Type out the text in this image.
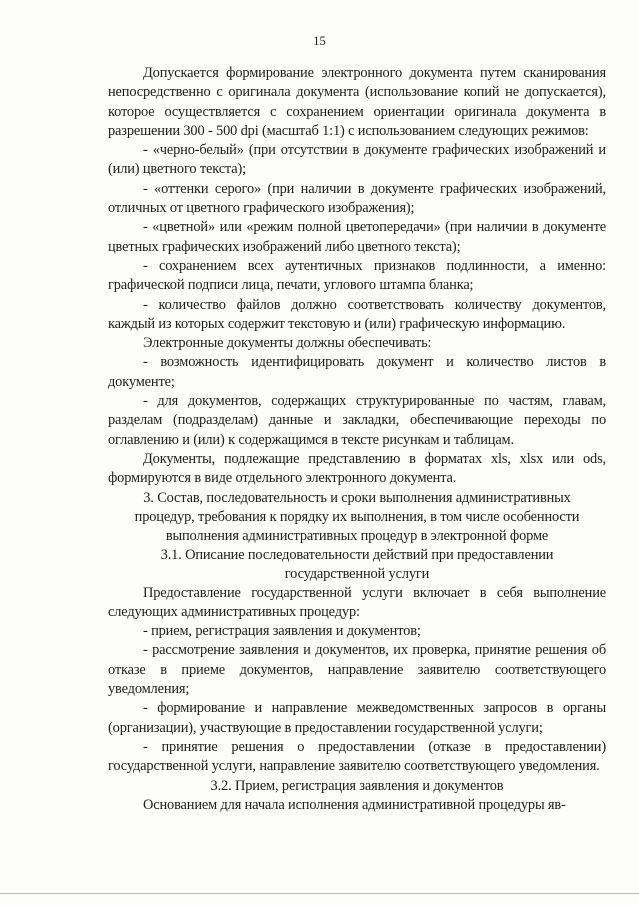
15

Допускается формирование электронного документа путем сканирования непосредственно с оригинала документа (использование копий не допускается), которое осуществляется с сохранением ориентации оригинала документа в разрешении 300 - 500 dpi (масштаб 1:1) с использованием следующих режимов:

- «черно-белый» (при отсутствии в документе графических изображений и (или) цветного текста);

- «оттенки серого» (при наличии в документе графических изображений, отличных от цветного графического изображения);

- «цветной» или «режим полной цветопередачи» (при наличии в документе цветных графических изображений либо цветного текста);

- сохранением всех аутентичных признаков подлинности, а именно: графической подписи лица, печати, углового штампа бланка;

- количество файлов должно соответствовать количеству документов, каждый из которых содержит текстовую и (или) графическую информацию.

Электронные документы должны обеспечивать:

- возможность идентифицировать документ и количество листов в документе;

- для документов, содержащих структурированные по частям, главам, разделам (подразделам) данные и закладки, обеспечивающие переходы по оглавлению и (или) к содержащимся в тексте рисункам и таблицам.

Документы, подлежащие представлению в форматах xls, xlsx или ods, формируются в виде отдельного электронного документа.

3. Состав, последовательность и сроки выполнения административных процедур, требования к порядку их выполнения, в том числе особенности выполнения административных процедур в электронной форме

3.1. Описание последовательности действий при предоставлении государственной услуги

Предоставление государственной услуги включает в себя выполнение следующих административных процедур:

- прием, регистрация заявления и документов;

- рассмотрение заявления и документов, их проверка, принятие решения об отказе в приеме документов, направление заявителю соответствующего уведомления;

- формирование и направление межведомственных запросов в органы (организации), участвующие в предоставлении государственной услуги;

- принятие решения о предоставлении (отказе в предоставлении) государственной услуги, направление заявителю соответствующего уведомления.

3.2. Прием, регистрация заявления и документов

Основанием для начала исполнения административной процедуры яв-
